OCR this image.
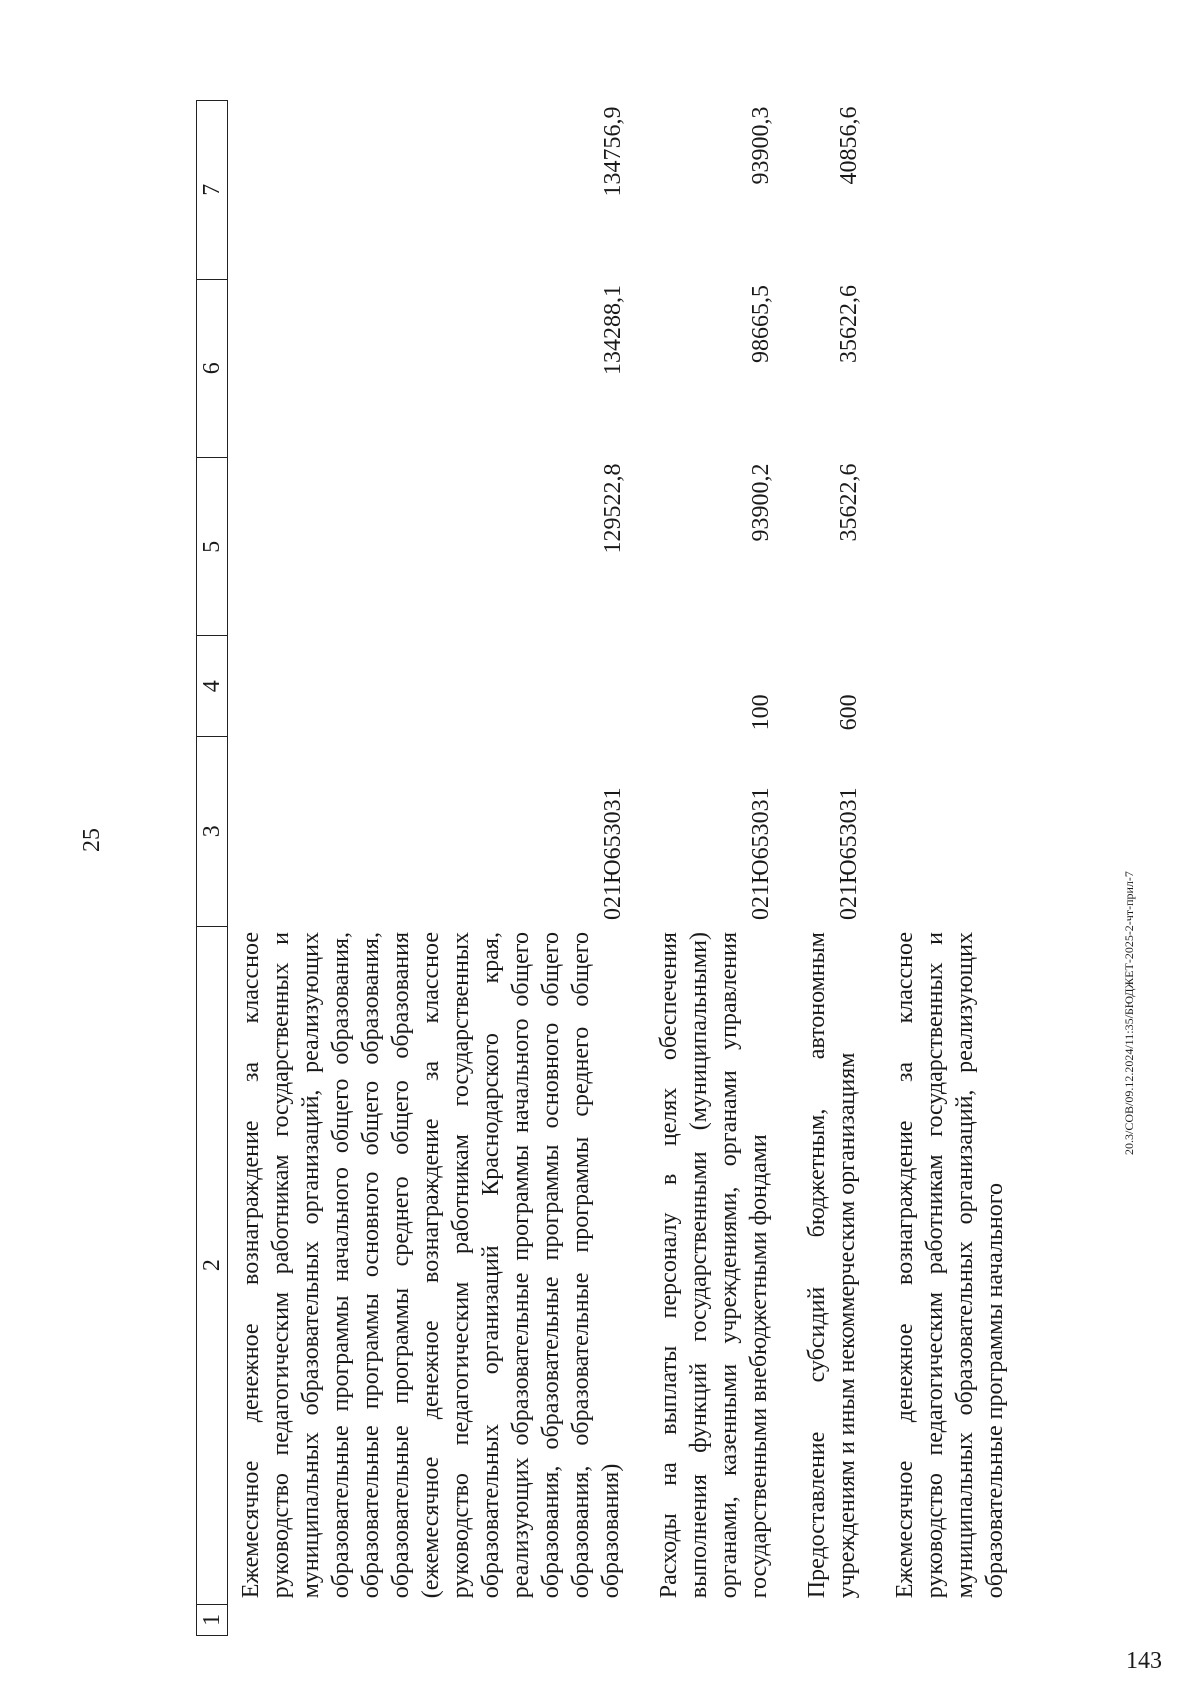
25
1	2	3	4	5	6	7
	Ежемесячное денежное вознаграждение за классное руководство педагогическим работникам государственных и муниципальных образовательных организаций, реализующих образовательные программы начального общего образования, образовательные программы основного общего образования, образовательные программы среднего общего образования (ежемесячное денежное вознаграждение за классное руководство педагогическим работникам государственных образовательных организаций Краснодарского края, реализующих образовательные программы начального общего образования, образовательные программы основного общего образования, образовательные программы среднего общего образования)	021Ю653031		129522,8	134288,1	134756,9

	Расходы на выплаты персоналу в целях обеспечения выполнения функций государственными (муниципальными) органами, казенными учреждениями, органами управления государственными внебюджетными фондами	021Ю653031	100	93900,2	98665,5	93900,3

	Предоставление субсидий бюджетным, автономным учреждениям и иным некоммерческим организациям	021Ю653031	600	35622,6	35622,6	40856,6

	Ежемесячное денежное вознаграждение за классное руководство педагогическим работникам государственных и муниципальных образовательных организаций, реализующих образовательные программы начального					
20.3/СОВ/09.12.2024/11:35/БЮДЖЕТ-2025-2-чт-прил-7
143
